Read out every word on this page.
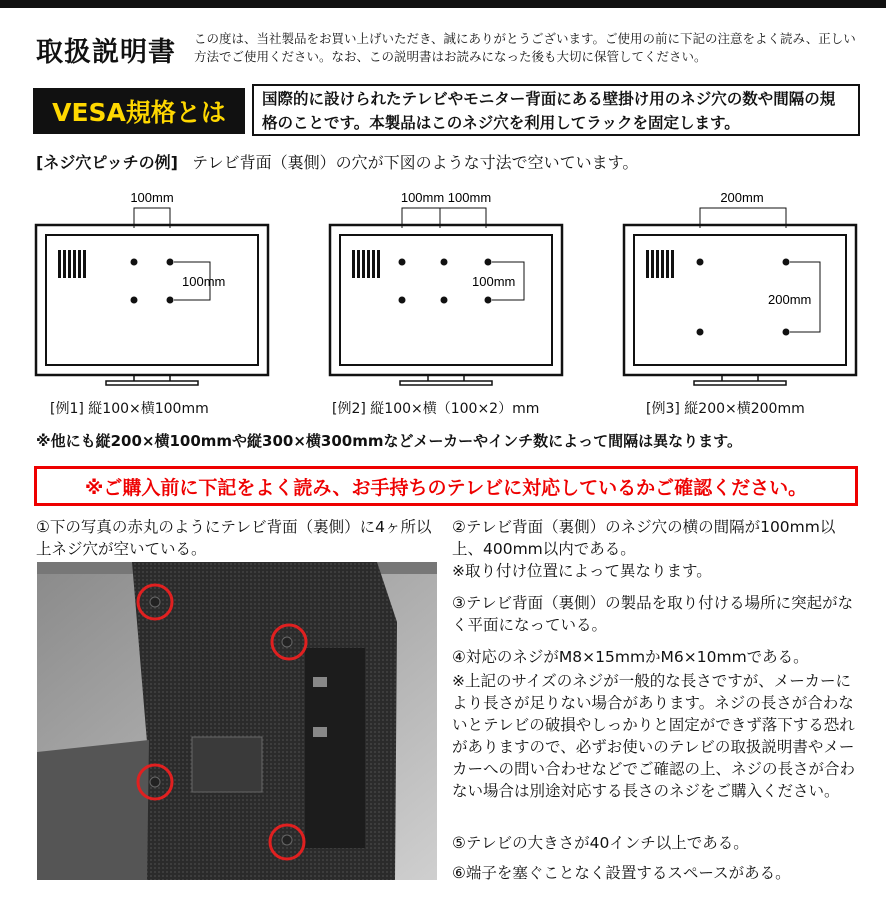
取扱説明書 この度は、当社製品をお買い上げいただき、誠にありがとうございます。ご使用の前に下記の注意をよく読み、正しい方法でご使用ください。なお、この説明書はお読みになった後も大切に保管してください。
VESA規格とは	国際的に設けられたテレビやモニター背面にある壁掛け用のネジ穴の数や間隔の規格のことです。本製品はこのネジ穴を利用してラックを固定します。
[ネジ穴ピッチの例] テレビ背面（裏側）の穴が下図のような寸法で空いています。
100mm
100mm
[例1] 縦100×横100mm
100mm 100mm
100mm
[例2] 縦100×横（100×2）mm
200mm
200mm
[例3] 縦200×横200mm
※他にも縦200×横100mmや縦300×横300mmなどメーカーやインチ数によって間隔は異なります。
※ご購入前に下記をよく読み、お手持ちのテレビに対応しているかご確認ください。
①下の写真の赤丸のようにテレビ背面（裏側）に4ヶ所以上ネジ穴が空いている。
②テレビ背面（裏側）のネジ穴の横の間隔が100mm以上、400mm以内である。
※取り付け位置によって異なります。
③テレビ背面（裏側）の製品を取り付ける場所に突起がなく平面になっている。
④対応のネジがM8×15mmかM6×10mmである。
※上記のサイズのネジが一般的な長さですが、メーカーにより長さが足りない場合があります。ネジの長さが合わないとテレビの破損やしっかりと固定ができず落下する恐れがありますので、必ずお使いのテレビの取扱説明書やメーカーへの問い合わせなどでご確認の上、ネジの長さが合わない場合は別途対応する長さのネジをご購入ください。
⑤テレビの大きさが40インチ以上である。
⑥端子を塞ぐことなく設置するスペースがある。
